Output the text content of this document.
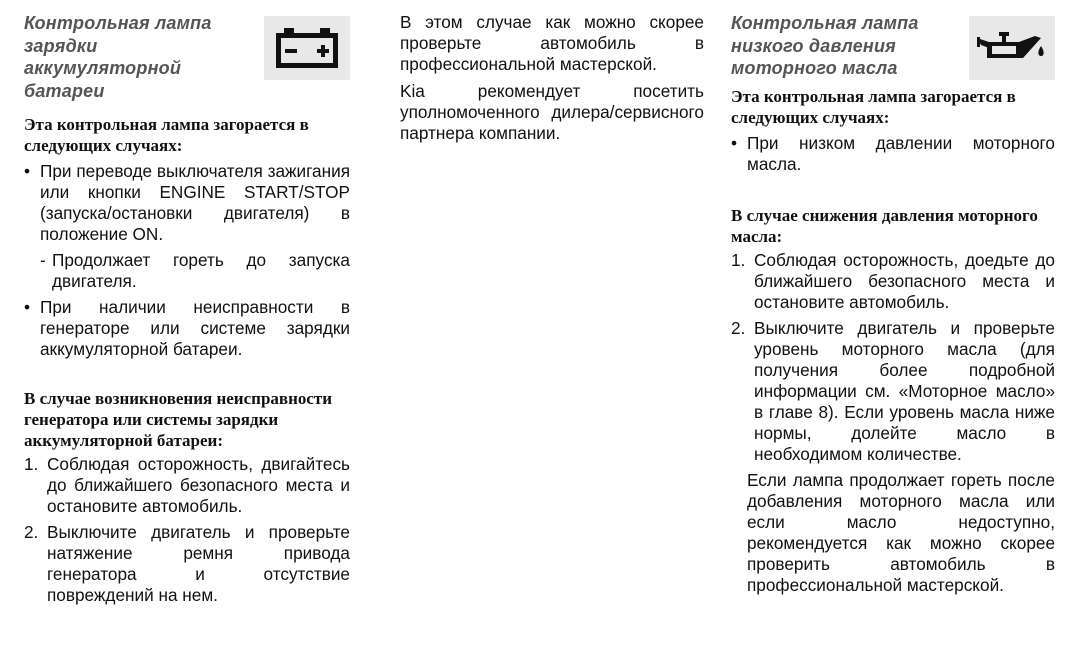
Контрольная лампа зарядки аккумуляторной батареи
Эта контрольная лампа загорается в следующих случаях:
• При переводе выключателя зажигания или кнопки ENGINE START/STOP (запуска/остановки двигателя) в положение ON.
- Продолжает гореть до запуска двигателя.
• При наличии неисправности в генераторе или системе зарядки аккумуляторной батареи.
В случае возникновения неисправности генератора или системы зарядки аккумуляторной батареи:
1. Соблюдая осторожность, двигайтесь до ближайшего безопасного места и остановите автомобиль.
2. Выключите двигатель и проверьте натяжение ремня привода генератора и отсутствие повреждений на нем.

В этом случае как можно скорее проверьте автомобиль в профессиональной мастерской.

Kia рекомендует посетить уполномоченного дилера/сервисного партнера компании.

Контрольная лампа низкого давления моторного масла
Эта контрольная лампа загорается в следующих случаях:
• При низком давлении моторного масла.
В случае снижения давления моторного масла:
1. Соблюдая осторожность, доедьте до ближайшего безопасного места и остановите автомобиль.
2. Выключите двигатель и проверьте уровень моторного масла (для получения более подробной информации см. «Моторное масло» в главе 8). Если уровень масла ниже нормы, долейте масло в необходимом количестве.

Если лампа продолжает гореть после добавления моторного масла или если масло недоступно, рекомендуется как можно скорее проверить автомобиль в профессиональной мастерской.
